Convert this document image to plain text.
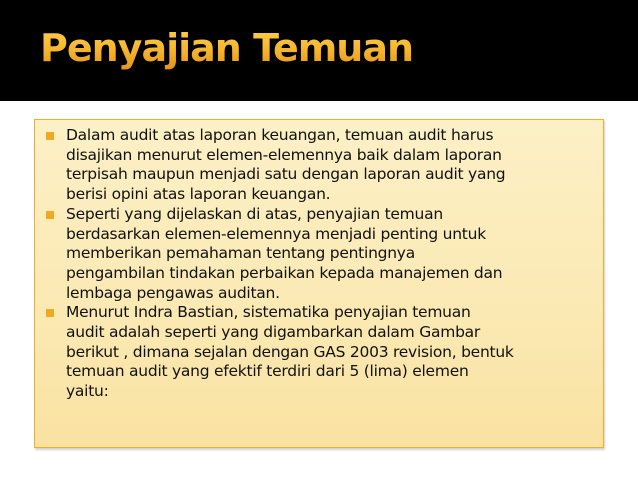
Penyajian Temuan
Dalam audit atas laporan keuangan, temuan audit harus
disajikan menurut elemen-elemennya baik dalam laporan
terpisah maupun menjadi satu dengan laporan audit yang
berisi opini atas laporan keuangan.
Seperti yang dijelaskan di atas, penyajian temuan
berdasarkan elemen-elemennya menjadi penting untuk
memberikan pemahaman tentang pentingnya
pengambilan tindakan perbaikan kepada manajemen dan
lembaga pengawas auditan.
Menurut Indra Bastian, sistematika penyajian temuan
audit adalah seperti yang digambarkan dalam Gambar
berikut , dimana sejalan dengan GAS 2003 revision, bentuk
temuan audit yang efektif terdiri dari 5 (lima) elemen
yaitu:
